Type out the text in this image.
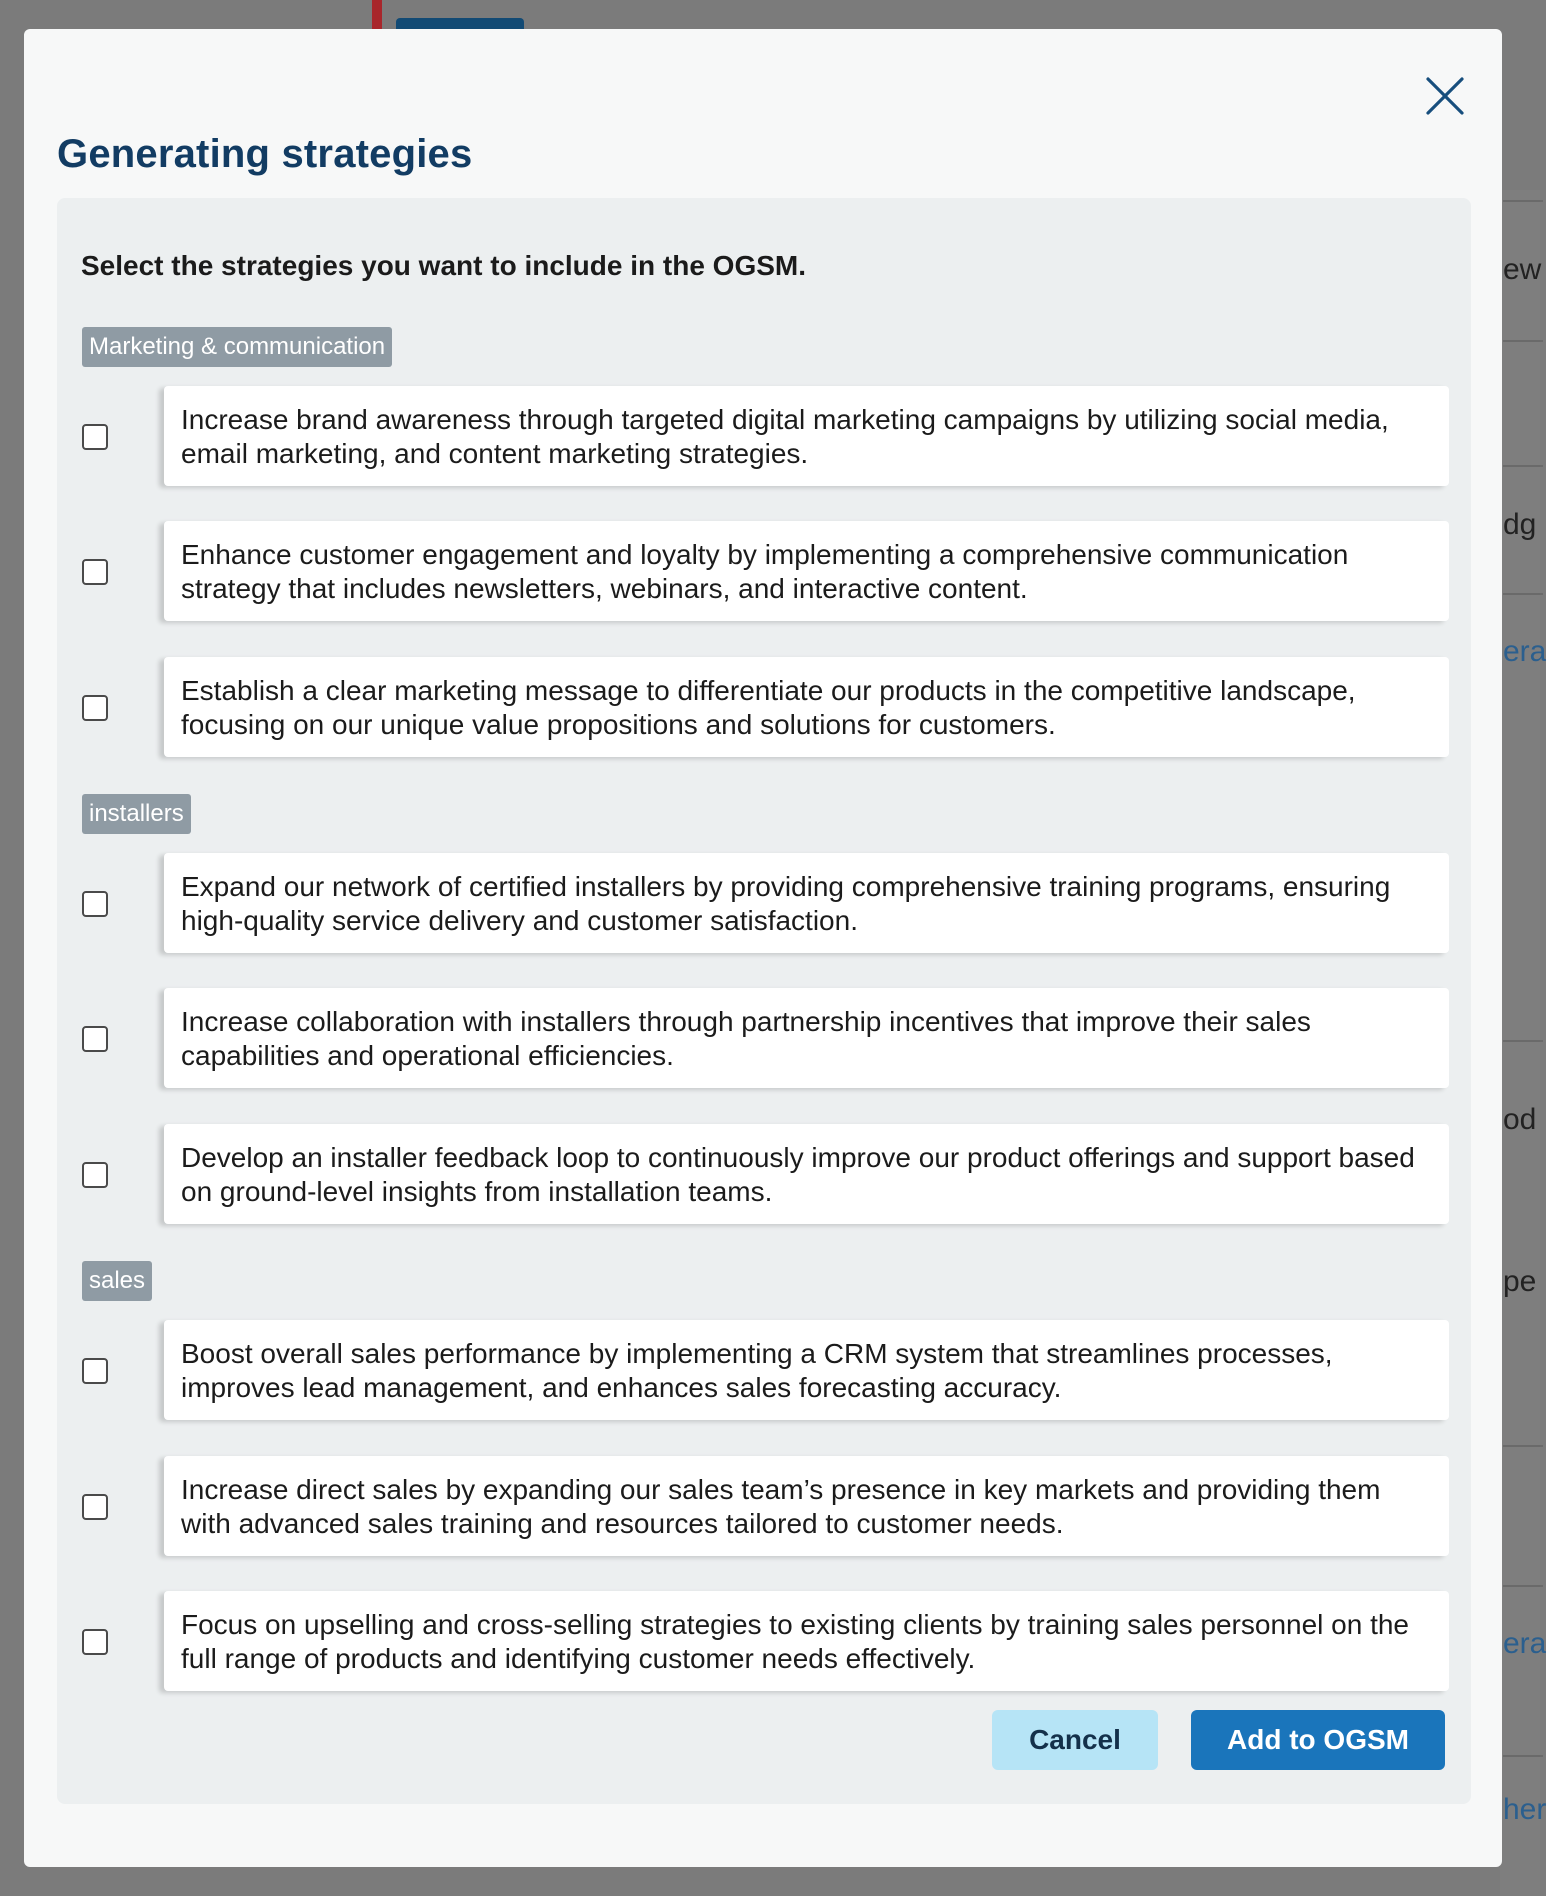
ew
dg
era
od
pe
era
her
Generating strategies
Select the strategies you want to include in the OGSM.
Marketing & communication
Increase brand awareness through targeted digital marketing campaigns by utilizing social media, email marketing, and content marketing strategies.
Enhance customer engagement and loyalty by implementing a comprehensive communication strategy that includes newsletters, webinars, and interactive content.
Establish a clear marketing message to differentiate our products in the competitive landscape, focusing on our unique value propositions and solutions for customers.
installers
Expand our network of certified installers by providing comprehensive training programs, ensuring high-quality service delivery and customer satisfaction.
Increase collaboration with installers through partnership incentives that improve their sales capabilities and operational efficiencies.
Develop an installer feedback loop to continuously improve our product offerings and support based on ground-level insights from installation teams.
sales
Boost overall sales performance by implementing a CRM system that streamlines processes, improves lead management, and enhances sales forecasting accuracy.
Increase direct sales by expanding our sales team’s presence in key markets and providing them with advanced sales training and resources tailored to customer needs.
Focus on upselling and cross-selling strategies to existing clients by training sales personnel on the full range of products and identifying customer needs effectively.
Cancel	Add to OGSM
